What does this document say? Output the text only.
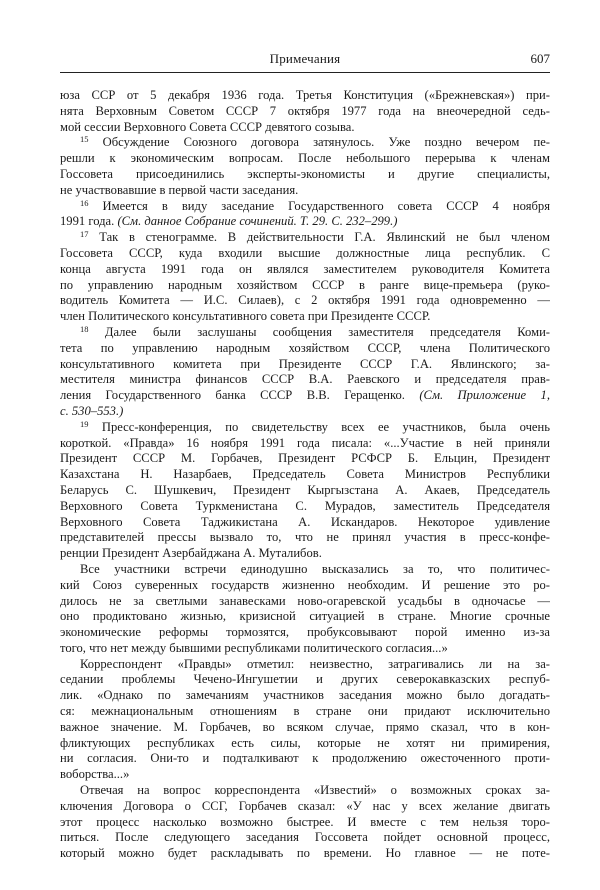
Примечания	607
юза ССР от 5 декабря 1936 года. Третья Конституция («Брежневская») при-
нята Верховным Советом СССР 7 октября 1977 года на внеочередной седь-
мой сессии Верховного Совета СССР девятого созыва.
$^{15}$ Обсуждение Союзного договора затянулось. Уже поздно вечером пе-
решли к экономическим вопросам. После небольшого перерыва к членам
Госсовета присоединились эксперты-экономисты и другие специалисты,
не участвовавшие в первой части заседания.
$^{16}$ Имеется в виду заседание Государственного совета СССР 4 ноября
1991 года. (См. данное Собрание сочинений. Т. 29. С. 232–299.)
$^{17}$ Так в стенограмме. В действительности Г.А. Явлинский не был членом
Госсовета СССР, куда входили высшие должностные лица республик. С
конца августа 1991 года он являлся заместителем руководителя Комитета
по управлению народным хозяйством СССР в ранге вице-премьера (руко-
водитель Комитета — И.С. Силаев), с 2 октября 1991 года одновременно —
член Политического консультативного совета при Президенте СССР.
$^{18}$ Далее были заслушаны сообщения заместителя председателя Коми-
тета по управлению народным хозяйством СССР, члена Политического
консультативного комитета при Президенте СССР Г.А. Явлинского; за-
местителя министра финансов СССР В.А. Раевского и председателя прав-
ления Государственного банка СССР В.В. Геращенко. (См. Приложение 1,
с. 530–553.)
$^{19}$ Пресс-конференция, по свидетельству всех ее участников, была очень
короткой. «Правда» 16 ноября 1991 года писала: «...Участие в ней приняли
Президент СССР М. Горбачев, Президент РСФСР Б. Ельцин, Президент
Казахстана Н. Назарбаев, Председатель Совета Министров Республики
Беларусь С. Шушкевич, Президент Кыргызстана А. Акаев, Председатель
Верховного Совета Туркменистана С. Мурадов, заместитель Председателя
Верховного Совета Таджикистана А. Искандаров. Некоторое удивление
представителей прессы вызвало то, что не принял участия в пресс-конфе-
ренции Президент Азербайджана А. Муталибов.
Все участники встречи единодушно высказались за то, что политичес-
кий Союз суверенных государств жизненно необходим. И решение это ро-
дилось не за светлыми занавесками ново-огаревской усадьбы в одночасье —
оно продиктовано жизнью, кризисной ситуацией в стране. Многие срочные
экономические реформы тормозятся, пробуксовывают порой именно из-за
того, что нет между бывшими республиками политического согласия...»
Корреспондент «Правды» отметил: неизвестно, затрагивались ли на за-
седании проблемы Чечено-Ингушетии и других северокавказских респуб-
лик. «Однако по замечаниям участников заседания можно было догадать-
ся: межнациональным отношениям в стране они придают исключительно
важное значение. М. Горбачев, во всяком случае, прямо сказал, что в кон-
фликтующих республиках есть силы, которые не хотят ни примирения,
ни согласия. Они-то и подталкивают к продолжению ожесточенного проти-
воборства...»
Отвечая на вопрос корреспондента «Известий» о возможных сроках за-
ключения Договора о ССГ, Горбачев сказал: «У нас у всех желание двигать
этот процесс насколько возможно быстрее. И вместе с тем нельзя торо-
питься. После следующего заседания Госсовета пойдет основной процесс,
который можно будет раскладывать по времени. Но главное — не поте-
